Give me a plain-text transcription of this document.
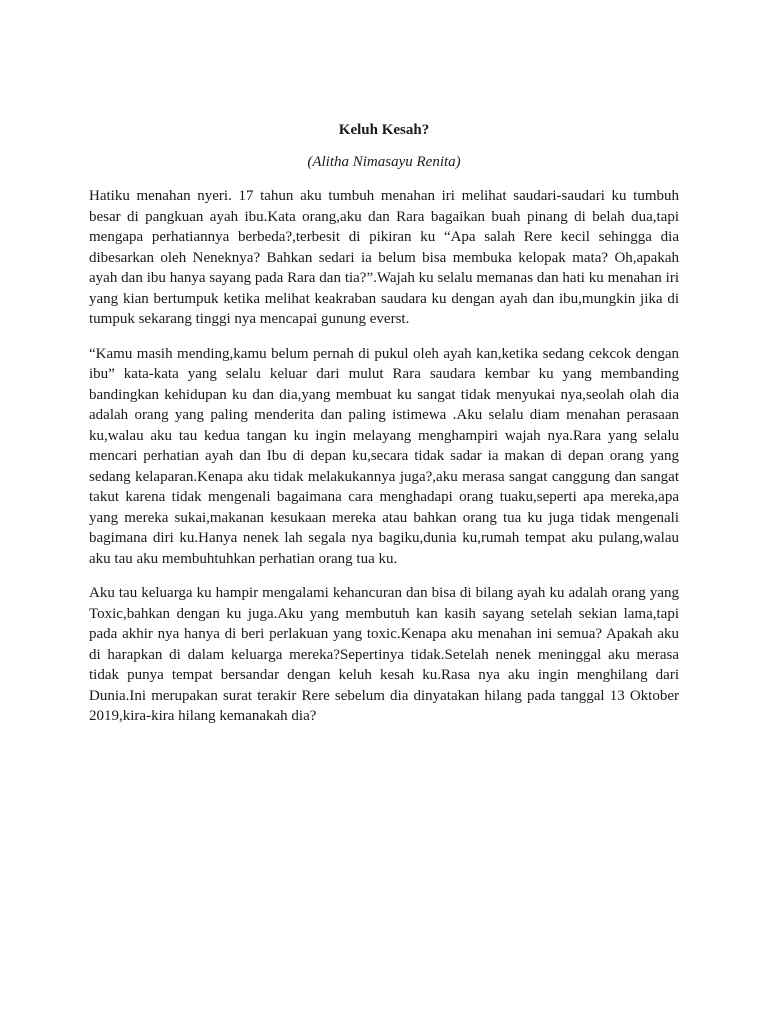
Keluh Kesah?
(Alitha Nimasayu Renita)

Hatiku menahan nyeri. 17 tahun aku tumbuh menahan iri melihat saudari-saudari ku tumbuh besar di pangkuan ayah ibu.Kata orang,aku dan Rara bagaikan buah pinang di belah dua,tapi mengapa perhatiannya berbeda?,terbesit di pikiran ku “Apa salah Rere kecil sehingga dia dibesarkan oleh Neneknya? Bahkan sedari ia belum bisa membuka kelopak mata? Oh,apakah ayah dan ibu hanya sayang pada Rara dan tia?”.Wajah ku selalu memanas dan hati ku menahan iri yang kian bertumpuk ketika melihat keakraban saudara ku dengan ayah dan ibu,mungkin jika di tumpuk sekarang tinggi nya mencapai gunung everst.

“Kamu masih mending,kamu belum pernah di pukul oleh ayah kan,ketika sedang cekcok dengan ibu” kata-kata yang selalu keluar dari mulut Rara saudara kembar ku yang membanding bandingkan kehidupan ku dan dia,yang membuat ku sangat tidak menyukai nya,seolah olah dia adalah orang yang paling menderita dan paling istimewa .Aku selalu diam menahan perasaan ku,walau aku tau kedua tangan ku ingin melayang menghampiri wajah nya.Rara yang selalu mencari perhatian ayah dan Ibu di depan ku,secara tidak sadar ia makan di depan orang yang sedang kelaparan.Kenapa aku tidak melakukannya juga?,aku merasa sangat canggung dan sangat takut karena tidak mengenali bagaimana cara menghadapi orang tuaku,seperti apa mereka,apa yang mereka sukai,makanan kesukaan mereka atau bahkan orang tua ku juga tidak mengenali bagimana diri ku.Hanya nenek lah segala nya bagiku,dunia ku,rumah tempat aku pulang,walau aku tau aku membuhtuhkan perhatian orang tua ku.

Aku tau keluarga ku hampir mengalami kehancuran dan bisa di bilang ayah ku adalah orang yang Toxic,bahkan dengan ku juga.Aku yang membutuh kan kasih sayang setelah sekian lama,tapi pada akhir nya hanya di beri perlakuan yang toxic.Kenapa aku menahan ini semua? Apakah aku di harapkan di dalam keluarga mereka?Sepertinya tidak.Setelah nenek meninggal aku merasa tidak punya tempat bersandar dengan keluh kesah ku.Rasa nya aku ingin menghilang dari Dunia.Ini merupakan surat terakir Rere sebelum dia dinyatakan hilang pada tanggal 13 Oktober 2019,kira-kira hilang kemanakah dia?
